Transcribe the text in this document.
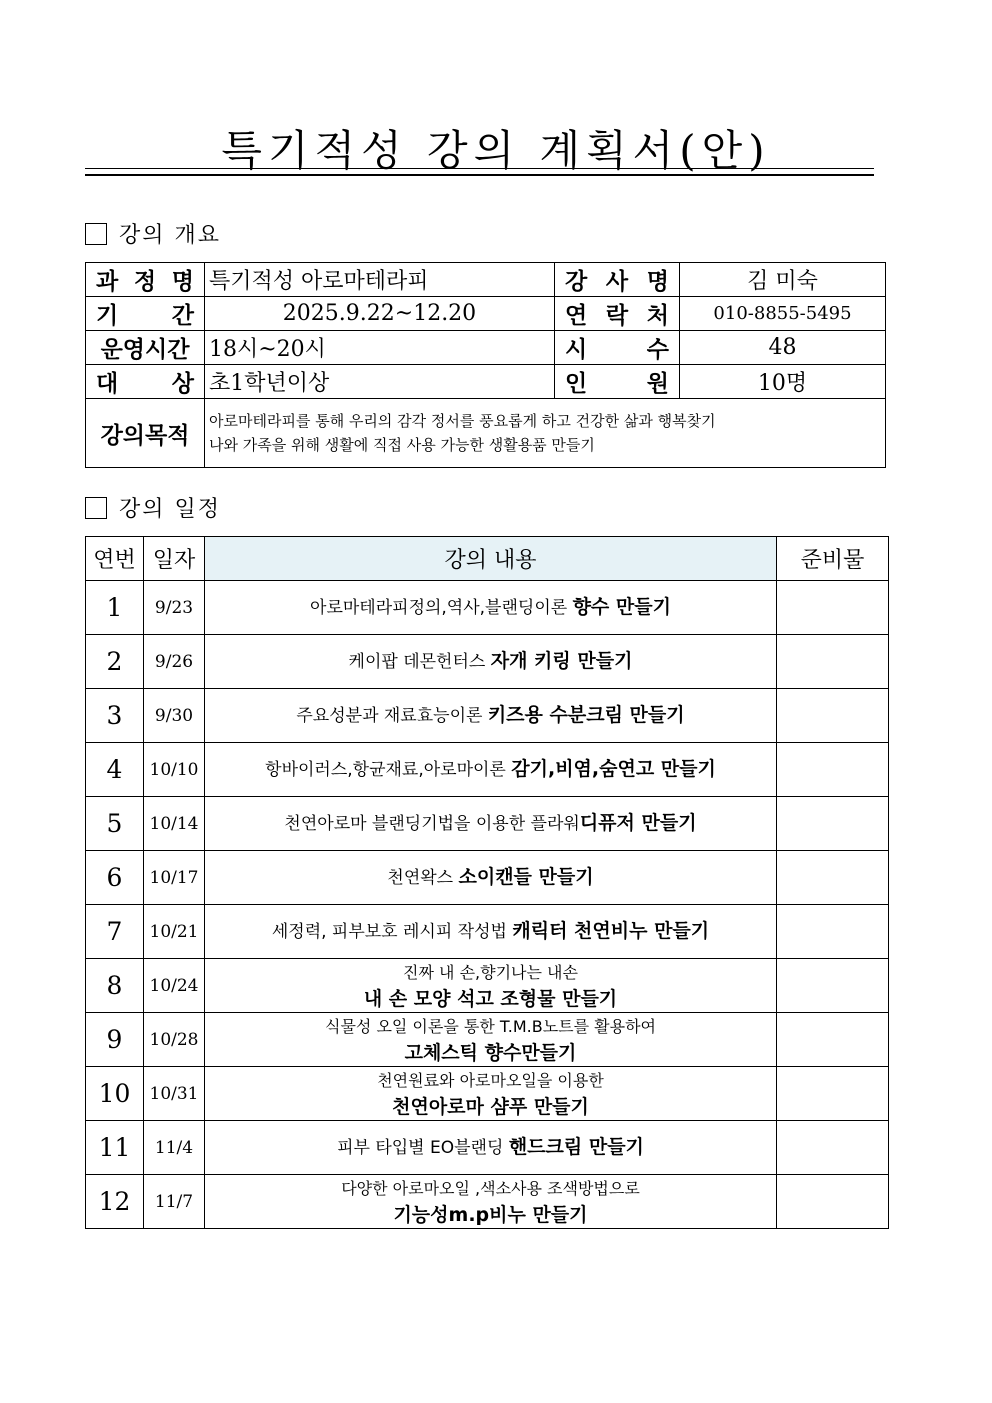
특기적성 강의 계획서(안)
강의 개요
과 정 명	특기적성 아로마테라피	강 사 명	김 미숙
기 간	2025.9.22~12.20	연 락 처	010-8855-5495
운영시간	18시~20시	시 수	48
대 상	초1학년이상	인 원	10명
강의목적	아로마테라피를 통해 우리의 감각 정서를 풍요롭게 하고 건강한 삶과 행복찾기
나와 가족을 위해 생활에 직접 사용 가능한 생활용품 만들기		
강의 일정
연번	일자	강의 내용	준비물
1	9/23	아로마테라피정의,역사,블랜딩이론 향수 만들기	
2	9/26	케이팝 데몬헌터스 자개 키링 만들기	
3	9/30	주요성분과 재료효능이론 키즈용 수분크림 만들기	
4	10/10	항바이러스,항균재료,아로마이론 감기,비염,숨연고 만들기	
5	10/14	천연아로마 블랜딩기법을 이용한 플라워디퓨저 만들기	
6	10/17	천연왁스 소이캔들 만들기	
7	10/21	세정력, 피부보호 레시피 작성법 캐릭터 천연비누 만들기	
8	10/24	진짜 내 손,향기나는 내손
내 손 모양 석고 조형물 만들기	

9	10/28	식물성 오일 이론을 통한 T.M.B노트를 활용하여
고체스틱 향수만들기	

10	10/31	천연원료와 아로마오일을 이용한
천연아로마 샴푸 만들기	

11	11/4	피부 타입별 EO블랜딩 핸드크림 만들기	
12	11/7	다양한 아로마오일 ,색소사용 조색방법으로
기능성m.p비누 만들기	
